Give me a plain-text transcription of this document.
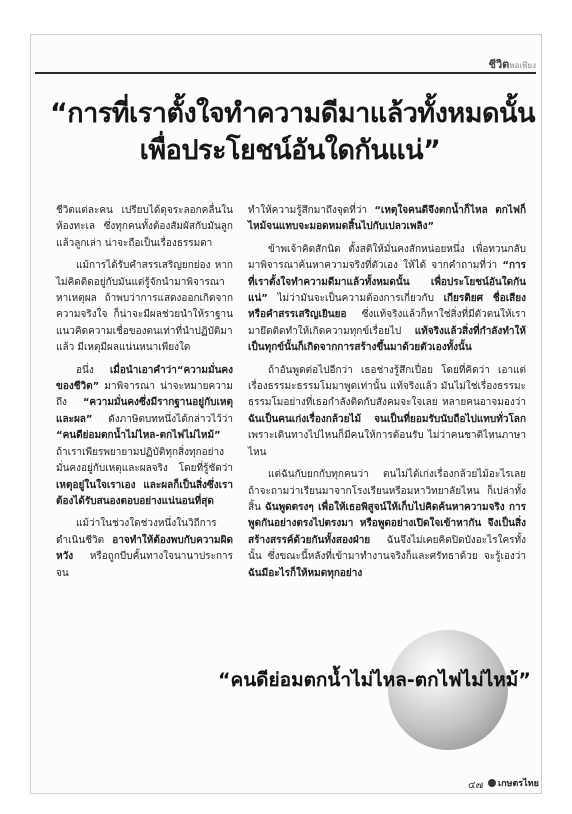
ชีวิตพอเพียง
“การที่เราตั้งใจทำความดีมาแล้วทั้งหมดนั้น
เพื่อประโยชน์อันใดกันแน่”

ชีวิตแต่ละคน เปรียบได้ดุจระลอกคลื่นในห้องทะเล ซึ่งทุกคนทั้งต้องสัมผัสกับมันลูกแล้วลูกเล่า น่าจะถือเป็นเรื่องธรรมดา

แม้การได้รับคำสรรเสริญยกย่อง หากไม่คิดติดอยู่กับมันแต่รู้จักนำมาพิจารณาหาเหตุผล ถ้าพบว่าการแสดงออกเกิดจากความจริงใจ ก็น่าจะมีผลช่วยนำให้ราฐานแนวคิดความเชื่อของตนเท่าที่นำปฏิบัติมาแล้ว มีเหตุมีผลแน่นหนาเพียงใด

อนึ่ง เมื่อนำเอาคำว่า“ความมั่นคงของชีวิต” มาพิจารณา น่าจะหมายความถึง “ความมั่นคงซึ่งมีรากฐานอยู่กับเหตุและผล” ดังภาษิตบทหนึ่งได้กล่าวไว้ว่า “คนดีย่อมตกน้ำไม่ไหล-ตกไฟไม่ไหม้” ถ้าเราเพียรพยายามปฏิบัติทุกสิ่งทุกอย่างมั่นคงอยู่กับเหตุและผลจริง โดยที่รู้ชัดว่า เหตุอยู่ในใจเราเอง และผลก็เป็นสิ่งซึ่งเราต้องได้รับสนองตอบอย่างแน่นอนที่สุด

แม้ว่าในช่วงใดช่วงหนึ่งในวิถีการดำเนินชีวิต อาจทำให้ต้องพบกับความผิดหวัง หรือถูกบีบคั้นทางใจนานาประการ จน

ทำให้ความรู้สึกมาถึงจุดที่ว่า “เหตุใจคนดีจึงตกน้ำก็ไหล ตกไฟก็ไหม้จนแทบจะมอดหมดสิ้นไปกับเปลวเพลิง”

ข้าพเจ้าคิดสักนิด ตั้งสติให้มั่นคงสักหน่อยหนึ่ง เพื่อทวนกลับมาพิจารณาค้นหาความจริงที่ตัวเอง ให้ได้ จากคำถามที่ว่า “การที่เราตั้งใจทำความดีมาแล้วทั้งหมดนั้น เพื่อประโยชน์อันใดกันแน่” ไม่ว่ามันจะเป็นความต้องการเกี่ยวกับ เกียรติยศ ชื่อเสียง หรือคำสรรเสริญเยินยอ ซึ่งแท้จริงแล้วก็หาใช่สิ่งที่มีตัวตนให้เรามายึดติดทำให้เกิดความทุกข์เรื่อยไป แท้จริงแล้วสิ่งที่กำลังทำให้เป็นทุกข์นั้นก็เกิดจากการสร้างขึ้นมาด้วยตัวเองทั้งนั้น

ถ้าอันพูดต่อไปอีกว่า เธอช่างรู้สึกเปื่อย โดยที่คิดว่า เอาแต่เรื่องธรรมะธรรมโมมาพูดเท่านั้น แท้จริงแล้ว มันไม่ใช่เรื่องธรรมะธรรมโมอย่างที่เธอกำลังติดกับสังคมจะใจเลย หลายคนอาจมองว่า ฉันเป็นคนเก่งเรื่องกล้วยไม้ จนเป็นที่ยอมรับนับถือไปแทบทั่วโลก เพราะเดินทางไปไหนก็มีคนให้การต้อนรับ ไม่ว่าคนชาติไหนภาษาไหน

แต่ฉันกับยกกับทุกคนว่า ตนไม่ได้เก่งเรื่องกล้วยไม้อะไรเลย ถ้าจะถามว่าเรียนมาจากโรงเรียนหรือมหาวิทยาลัยไหน ก็เปล่าทั้งสิ้น ฉันพูดตรงๆ เพื่อให้เธอพิสูจน์ให้เก็บไปคิดค้นหาความจริง การพูดกันอย่างตรงไปตรงมา หรือพูดอย่างเปิดใจเข้าหากัน จึงเป็นสิ่งสร้างสรรค์ด้วยกันทั้งสองฝ่าย ฉันจึงไม่เคยคิดปิดบังอะไรใครทั้งนั้น ซึ่งขณะนี้หลังที่เข้ามาทำงานจริงก็และศรัทธาด้วย จะรู้เองว่า ฉันมีอะไรก็ให้หมดทุกอย่าง

“คนดีย่อมตกน้ำไม่ไหล-ตกไฟไม่ไหม้”
๔๗	เกษตรไทย
